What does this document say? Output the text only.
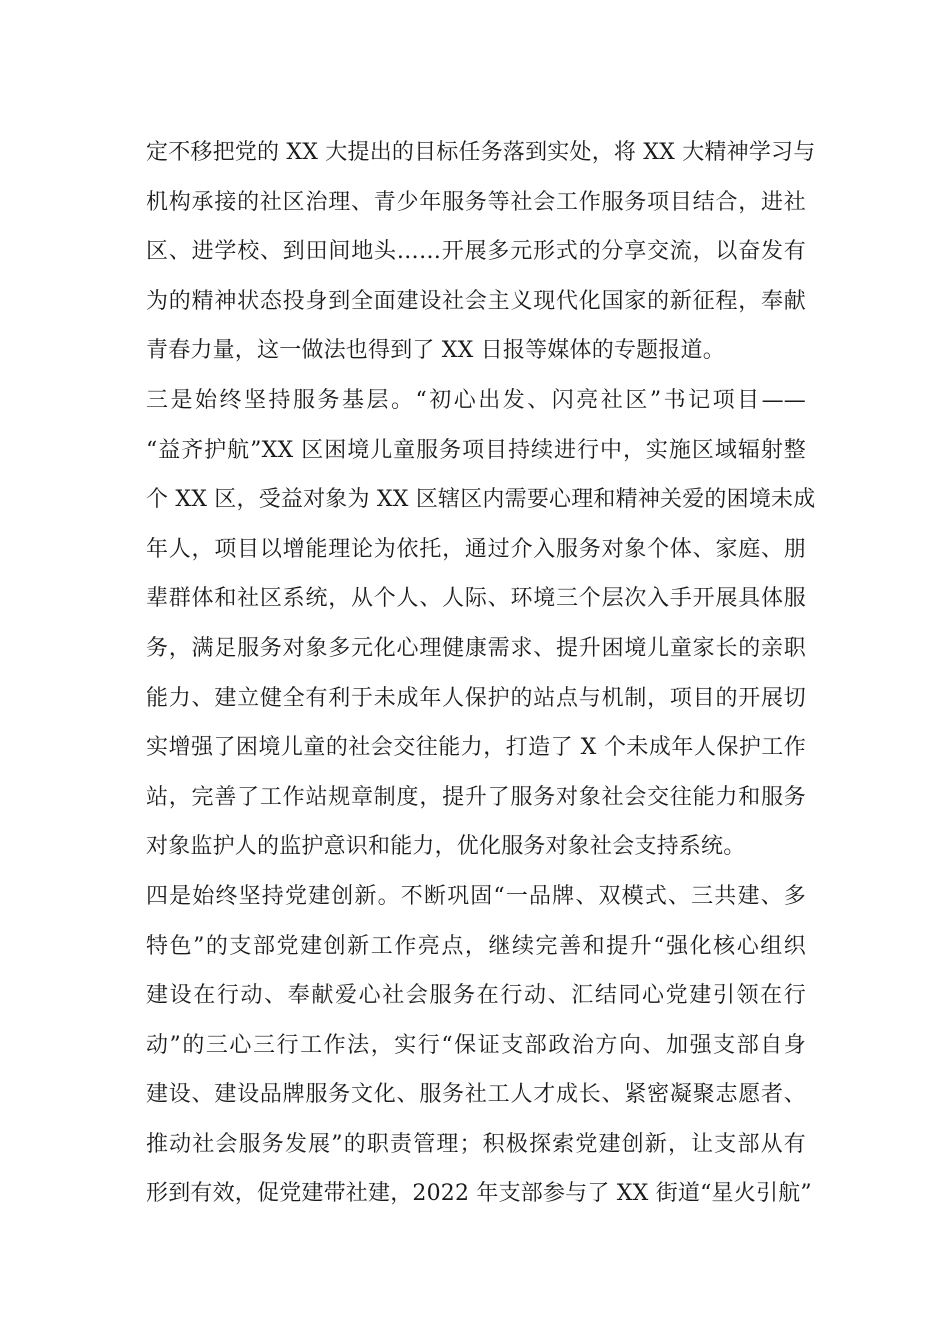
定不移把党的 XX 大提出的目标任务落到实处，将 XX 大精神学习与
机构承接的社区治理、青少年服务等社会工作服务项目结合，进社
区、进学校、到田间地头……开展多元形式的分享交流，以奋发有
为的精神状态投身到全面建设社会主义现代化国家的新征程，奉献
青春力量，这一做法也得到了 XX 日报等媒体的专题报道。
三是始终坚持服务基层。“初心出发、闪亮社区”书记项目——
“益齐护航”XX 区困境儿童服务项目持续进行中，实施区域辐射整
个 XX 区，受益对象为 XX 区辖区内需要心理和精神关爱的困境未成
年人，项目以增能理论为依托，通过介入服务对象个体、家庭、朋
辈群体和社区系统，从个人、人际、环境三个层次入手开展具体服
务，满足服务对象多元化心理健康需求、提升困境儿童家长的亲职
能力、建立健全有利于未成年人保护的站点与机制，项目的开展切
实增强了困境儿童的社会交往能力，打造了 X 个未成年人保护工作
站，完善了工作站规章制度，提升了服务对象社会交往能力和服务
对象监护人的监护意识和能力，优化服务对象社会支持系统。
四是始终坚持党建创新。不断巩固“一品牌、双模式、三共建、多
特色”的支部党建创新工作亮点，继续完善和提升“强化核心组织
建设在行动、奉献爱心社会服务在行动、汇结同心党建引领在行
动”的三心三行工作法，实行“保证支部政治方向、加强支部自身
建设、建设品牌服务文化、服务社工人才成长、紧密凝聚志愿者、
推动社会服务发展”的职责管理；积极探索党建创新，让支部从有
形到有效，促党建带社建，2022 年支部参与了 XX 街道“星火引航”
